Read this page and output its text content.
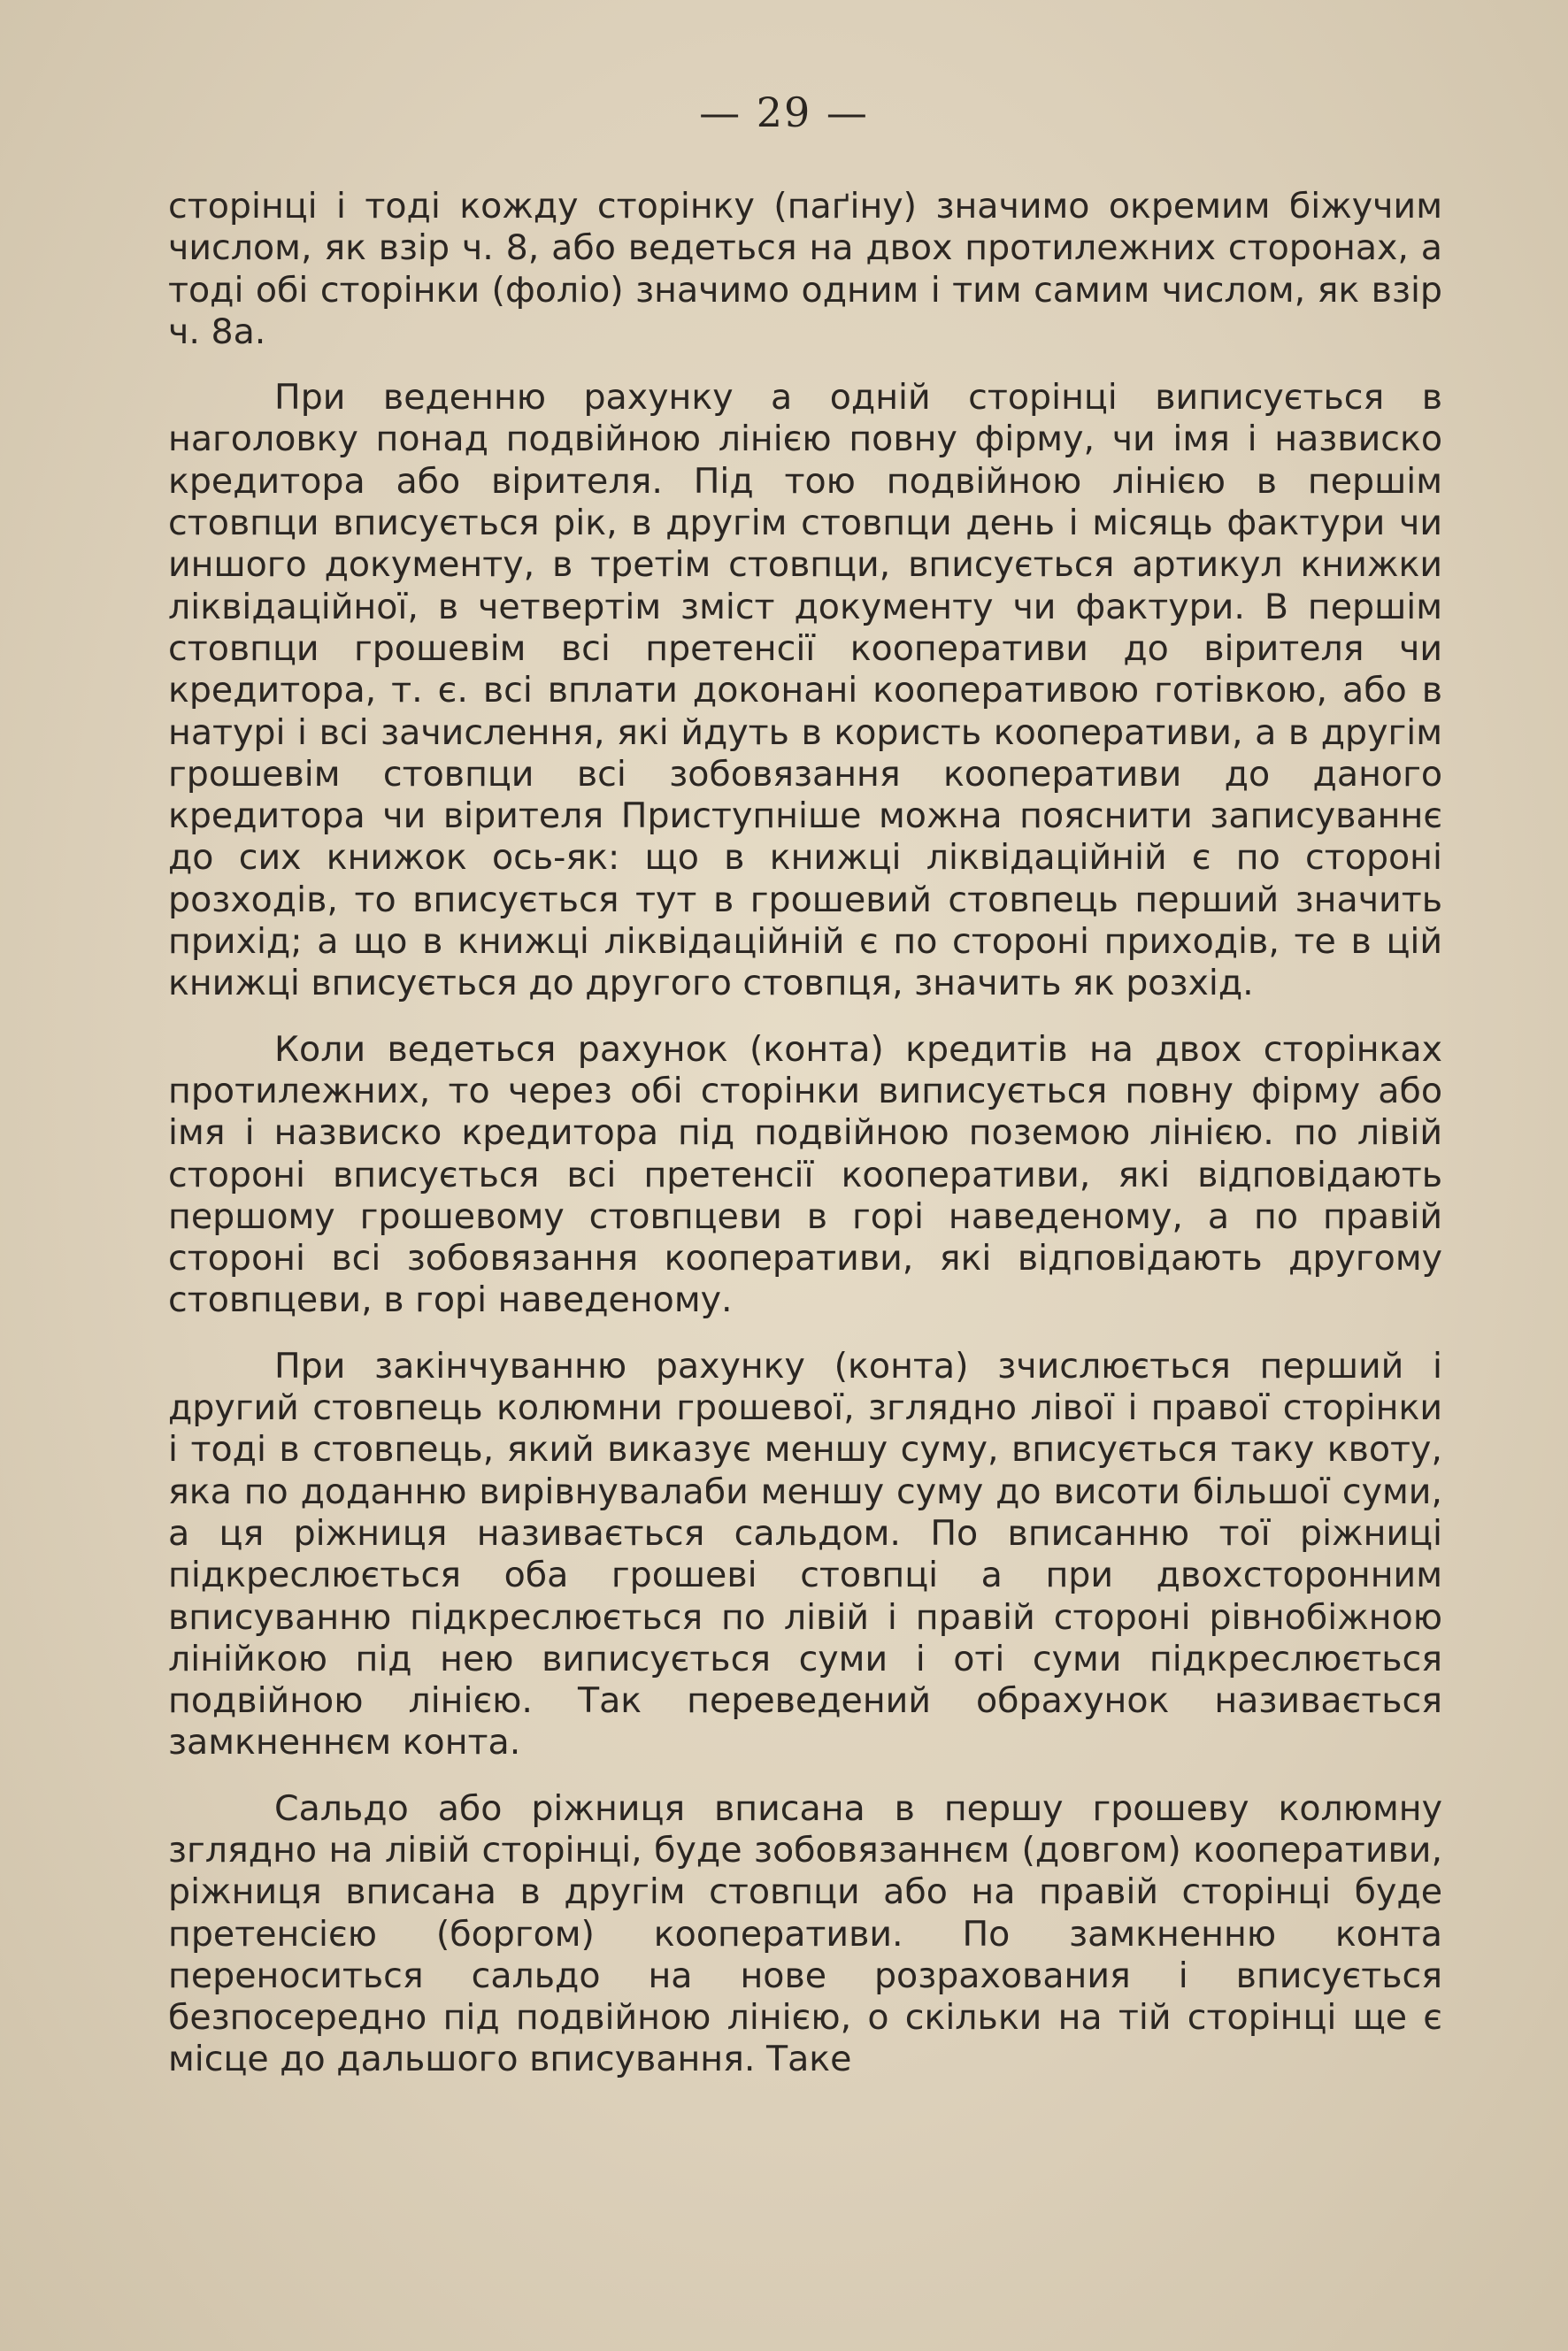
— 29 —

сторінці і тоді кожду сторінку (паґіну) значимо окремим біжучим числом, як взір ч. 8, або ведеться на двох протилежних сторонах, а тоді обі сторінки (фоліо) значимо одним і тим самим числом, як взір ч. 8а.

При веденню рахунку а одній сторінці виписується в наголовку понад подвійною лінією повну фірму, чи імя і назвиско кредитора або вірителя. Під тою подвійною лінією в першім стовпци вписується рік, в другім стовпци день і місяць фактури чи иншого документу, в третім стовпци, вписується артикул книжки ліквідаційної, в четвертім зміст документу чи фактури. В першім стовпци грошевім всі претенсії кооперативи до вірителя чи кредитора, т. є. всі вплати доконані кооперативою готівкою, або в натурі і всі зачислення, які йдуть в користь кооперативи, а в другім грошевім стовпци всі зобовязання кооперативи до даного кредитора чи вірителя Приступніше можна пояснити записуваннє до сих книжок ось-як: що в книжці ліквідаційній є по стороні розходів, то вписується тут в грошевий стовпець перший значить прихід; а що в книжці ліквідаційній є по стороні приходів, те в цій книжці вписується до другого стовпця, значить як розхід.

Коли ведеться рахунок (конта) кредитів на двох сторінках протилежних, то через обі сторінки виписується повну фірму або імя і назвиско кредитора під подвійною поземою лінією. по лівій стороні вписується всі претенсії кооперативи, які відповідають першому грошевому стовпцеви в горі наведеному, а по правій стороні всі зобовязання кооперативи, які відповідають другому стовпцеви, в горі наведеному.

При закінчуванню рахунку (конта) зчислюється перший і другий стовпець колюмни грошевої, зглядно лівої і правої сторінки і тоді в стовпець, який виказує меншу суму, вписується таку квоту, яка по доданню вирівнувалаби меншу суму до висоти більшої суми, а ця ріжниця називається сальдом. По вписанню тої ріжниці підкреслюється оба грошеві стовпці а при двохсторонним вписуванню підкреслюється по лівій і правій стороні рівнобіжною лінійкою під нею виписується суми і оті суми підкреслюється подвійною лінією. Так переведений обрахунок називається замкненнєм конта.

Сальдо або ріжниця вписана в першу грошеву колюмну зглядно на лівій сторінці, буде зобовязаннєм (довгом) кооперативи, ріжниця вписана в другім стовпци або на правій сторінці буде претенсією (боргом) кооперативи. По замкненню конта переноситься сальдо на нове розрахования і вписується безпосередно під подвійною лінією, о скільки на тій сторінці ще є місце до дальшого вписування. Таке
